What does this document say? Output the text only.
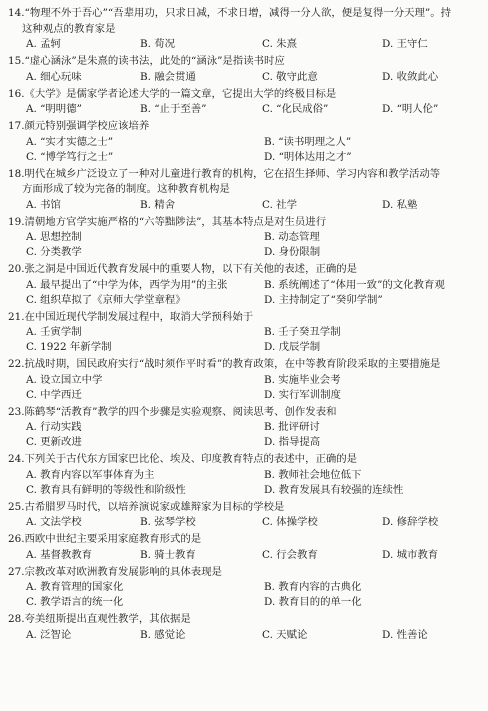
14.“物理不外于吾心”“吾辈用功，只求日减，不求日增，减得一分人欲，便是复得一分天理”。持
这种观点的教育家是
A. 孟轲	B. 荀况	C. 朱熹	D. 王守仁
15.“虚心涵泳”是朱熹的读书法，此处的“涵泳”是指读书时应
A. 细心玩味	B. 融会贯通	C. 敬守此意	D. 收敛此心
16.《大学》是儒家学者论述大学的一篇文章，它提出大学的终极目标是
A. “明明德”	B. “止于至善”	C. “化民成俗”	D. “明人伦”
17.颜元特别强调学校应该培养
A. “实才实德之士”	B. “读书明理之人”
C. “博学笃行之士”	D. “明体达用之才”
18.明代在城乡广泛设立了一种对儿童进行教育的机构，它在招生择师、学习内容和教学活动等
方面形成了较为完备的制度。这种教育机构是
A. 书馆	B. 精舍	C. 社学	D. 私塾
19.清朝地方官学实施严格的“六等黜陟法”，其基本特点是对生员进行
A. 思想控制	B. 动态管理
C. 分类教学	D. 身份限制
20.张之洞是中国近代教育发展中的重要人物，以下有关他的表述，正确的是
A. 最早提出了“中学为体，西学为用”的主张	B. 系统阐述了“体用一致”的文化教育观
C. 组织草拟了《京师大学堂章程》	D. 主持制定了“癸卯学制”
21.在中国近现代学制发展过程中，取消大学预科始于
A. 壬寅学制	B. 壬子癸丑学制
C. 1922 年新学制	D. 戊辰学制
22.抗战时期，国民政府实行“战时须作平时看”的教育政策，在中等教育阶段采取的主要措施是
A. 设立国立中学	B. 实施毕业会考
C. 中学西迁	D. 实行军训制度
23.陈鹤琴“活教育”教学的四个步骤是实验观察、阅读思考、创作发表和
A. 行动实践	B. 批评研讨
C. 更新改进	D. 指导提高
24.下列关于古代东方国家巴比伦、埃及、印度教育特点的表述中，正确的是
A. 教育内容以军事体育为主	B. 教师社会地位低下
C. 教育具有鲜明的等级性和阶级性	D. 教育发展具有较强的连续性
25.古希腊罗马时代，以培养演说家或雄辩家为目标的学校是
A. 文法学校	B. 弦琴学校	C. 体操学校	D. 修辞学校
26.西欧中世纪主要采用家庭教育形式的是
A. 基督教教育	B. 骑士教育	C. 行会教育	D. 城市教育
27.宗教改革对欧洲教育发展影响的具体表现是
A. 教育管理的国家化	B. 教育内容的古典化
C. 教学语言的统一化	D. 教育目的的单一化
28.夸美纽斯提出直观性教学，其依据是
A. 泛智论	B. 感觉论	C. 天赋论	D. 性善论
